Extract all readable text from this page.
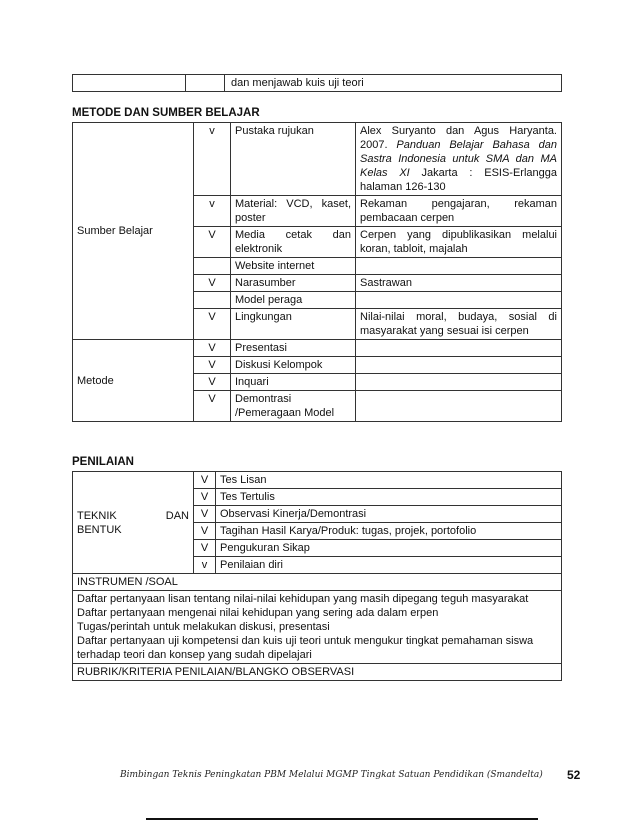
		dan menjawab kuis uji teori
METODE DAN SUMBER BELAJAR
Sumber Belajar	v	Pustaka rujukan	Alex Suryanto dan Agus Haryanta. 2007. Panduan Belajar Bahasa dan Sastra Indonesia untuk SMA dan MA Kelas XI Jakarta : ESIS-Erlangga halaman 126-130
	v	Material: VCD, kaset, poster	Rekaman pengajaran, rekaman pembacaan cerpen
	V	Media cetak dan elektronik	Cerpen yang dipublikasikan melalui koran, tabloit, majalah
		Website internet	
	V	Narasumber	Sastrawan
		Model peraga	
	V	Lingkungan	Nilai-nilai moral, budaya, sosial di masyarakat yang sesuai isi cerpen
Metode	V	Presentasi	
	V	Diskusi Kelompok	
	V	Inquari	
	V	Demontrasi /Pemeragaan Model	
PENILAIAN
TEKNIK DAN BENTUK	V	Tes Lisan
	V	Tes Tertulis
	V	Observasi Kinerja/Demontrasi
	V	Tagihan Hasil Karya/Produk: tugas, projek, portofolio
	V	Pengukuran Sikap
	v	Penilaian diri
INSTRUMEN /SOAL		

Daftar pertanyaan lisan tentang nilai-nilai kehidupan yang masih dipegang teguh masyarakat
Daftar pertanyaan mengenai nilai kehidupan yang sering ada dalam erpen
Tugas/perintah untuk melakukan diskusi, presentasi
Daftar pertanyaan uji kompetensi dan kuis uji teori untuk mengukur tingkat pemahaman siswa terhadap teori dan konsep yang sudah dipelajari		

RUBRIK/KRITERIA PENILAIAN/BLANGKO OBSERVASI		
Bimbingan Teknis Peningkatan PBM Melalui MGMP Tingkat Satuan Pendidikan (Smandelta) 52
